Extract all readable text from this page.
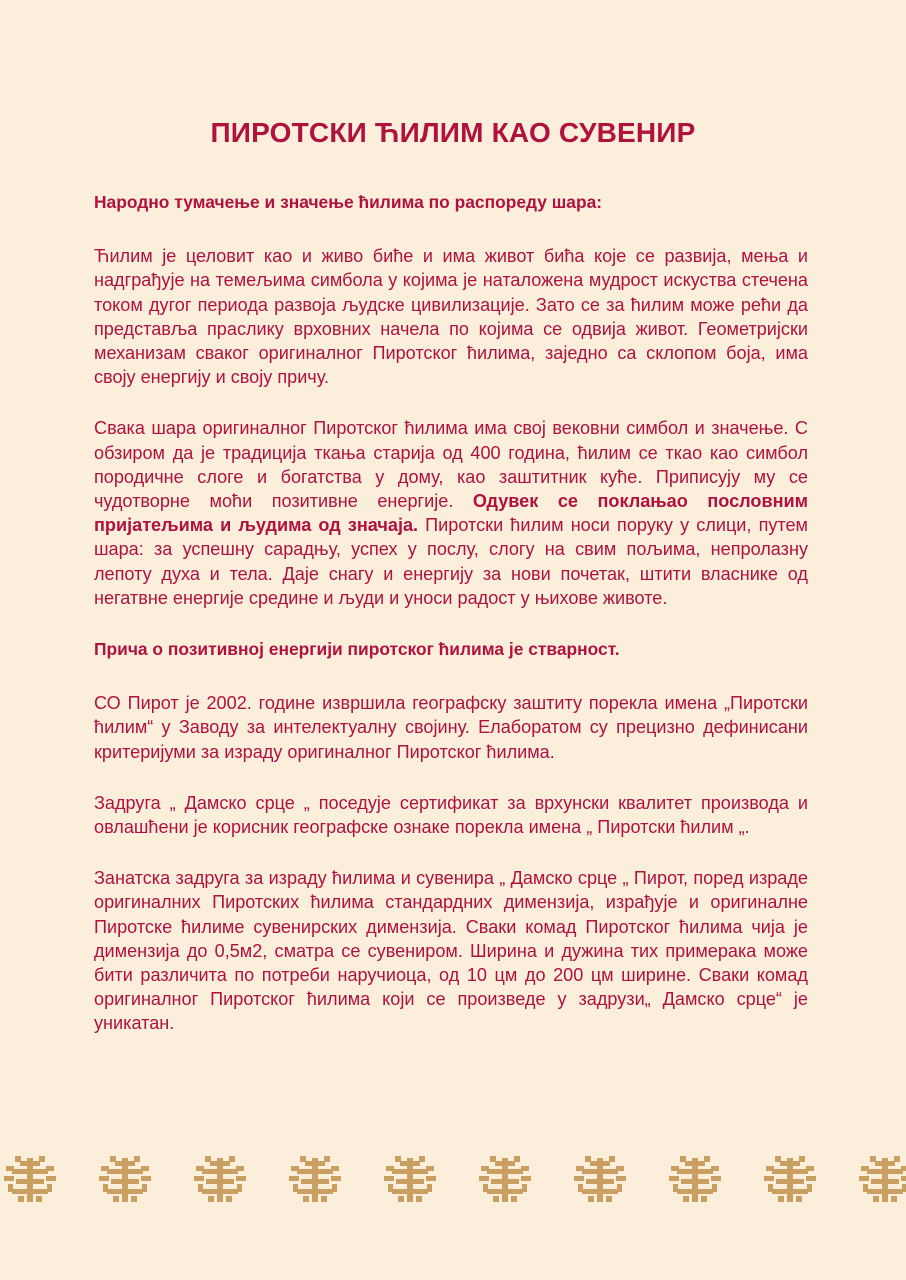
ПИРОТСКИ ЋИЛИМ КАО СУВЕНИР

Народно тумачење и значење ћилима по распореду шара:

Ћилим је целовит као и живо биће и има живот бића које се развија, мења и надграђује на темељима симбола у којима је наталожена мудрост искуства стечена током дугог периода развоја људске цивилизације. Зато се за ћилим може рећи да представља праслику врховних начела по којима се одвија живот. Геометријски механизам сваког оригиналног Пиротског ћилима, заједно са склопом боја, има своју енергију и своју причу.

Свака шара оригиналног Пиротског ћилима има свој вековни симбол и значење. С обзиром да је традиција ткања старија од 400 година, ћилим се ткао као симбол породичне слоге и богатства у дому, као заштитник куће. Приписују му се чудотворне моћи позитивне енергије. Одувек се поклањао пословним пријатељима и људима од значаја. Пиротски ћилим носи поруку у слици, путем шара: за успешну сарадњу, успех у послу, слогу на свим пољима, непролазну лепоту духа и тела. Даје снагу и енергију за нови почетак, штити власнике од негатвне енергије средине и људи и уноси радост у њихове животе.

Прича о позитивној енергији пиротског ћилима је стварност.

СО Пирот је 2002. године извршила географску заштиту порекла имена „Пиротски ћилим“ у Заводу за интелектуалну својину. Елаборатом су прецизно дефинисани критеријуми за израду оригиналног Пиротског ћилима.

Задруга „ Дамско срце „ поседује сертификат за врхунски квалитет производа и овлашћени је корисник географске ознаке порекла имена „ Пиротски ћилим „.

Занатска задруга за израду ћилима и сувенира „ Дамско срце „ Пирот, поред израде оригиналних Пиротских ћилима стандардних димензија, израђује и оригиналне Пиротске ћилиме сувенирских димензија. Сваки комад Пиротског ћилима чија је димензија до 0,5м2, сматра се сувениром. Ширина и дужина тих примерака може бити различита по потреби наручиоца, од 10 цм до 200 цм ширине. Сваки комад оригиналног Пиротског ћилима који се произведе у задрузи„ Дамско срце“ је уникатан.
